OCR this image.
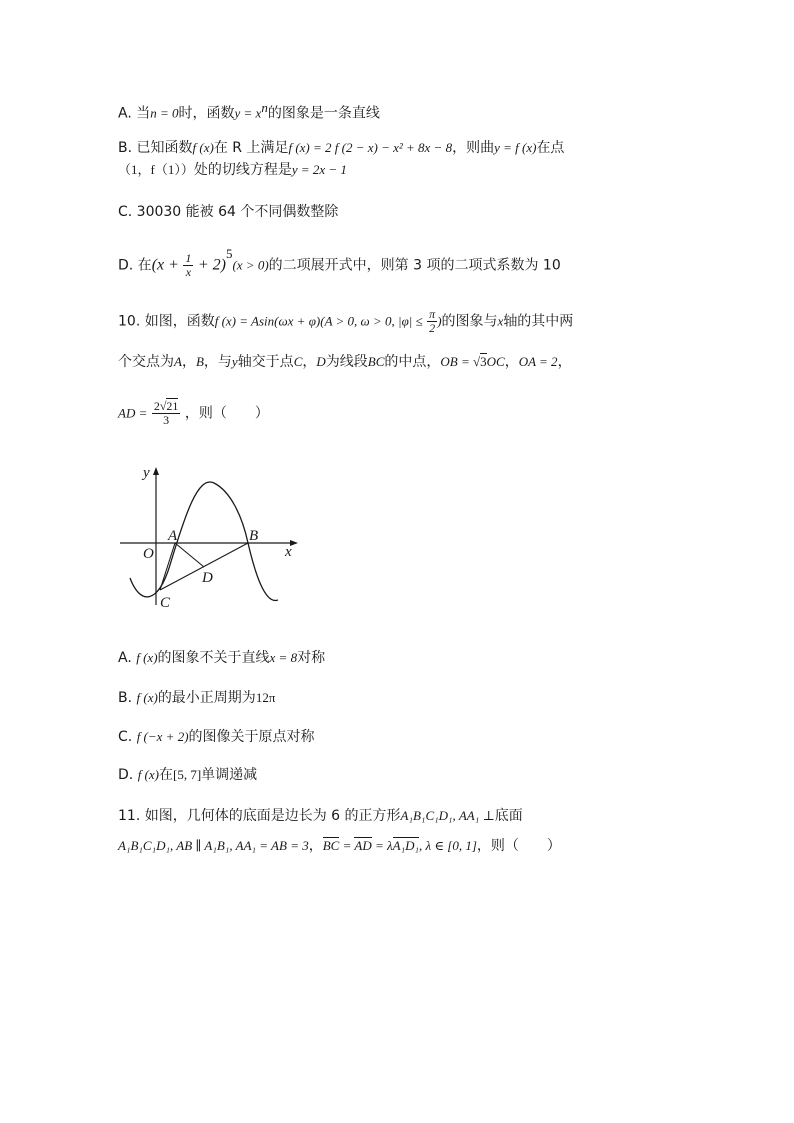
A. 当n = 0时，函数$y = x^n$的图象是一条直线
B. 已知函数f (x)在 R 上满足f (x) = 2 f (2 − x) − x² + 8x − 8，则曲y = f (x)在点
（1，f（1））处的切线方程是y = 2x − 1
C. 30030 能被 64 个不同偶数整除
D. 在$(x + \frac{1}{x} + 2)^5(x > 0)$的二项展开式中，则第 3 项的二项式系数为 10
10. 如图，函数f (x) = Asin(ωx + φ)(A > 0, ω > 0, $|\varphi| \le \frac{\pi}{2}$ )的图象与x轴的其中两
个交点为A，B，与y轴交于点C，D为线段BC的中点，OB = √3OC，OA = 2，
AD = $\frac{2√21}{3}$ ，则（　　）
y
x
O
A	B
C
D
A. f (x)的图象不关于直线x = 8对称
B. f (x)的最小正周期为12π
C. f (−x + 2)的图像关于原点对称
D. f (x)在[5, 7]单调递减
11. 如图，几何体的底面是边长为 6 的正方形A₁B₁C₁D₁, AA₁ ⊥底面
A₁B₁C₁D₁, AB ∥ A₁B₁, AA₁ = AB = 3，BC = AD = λA₁D₁, λ ∈ [0, 1]，则（　　）
